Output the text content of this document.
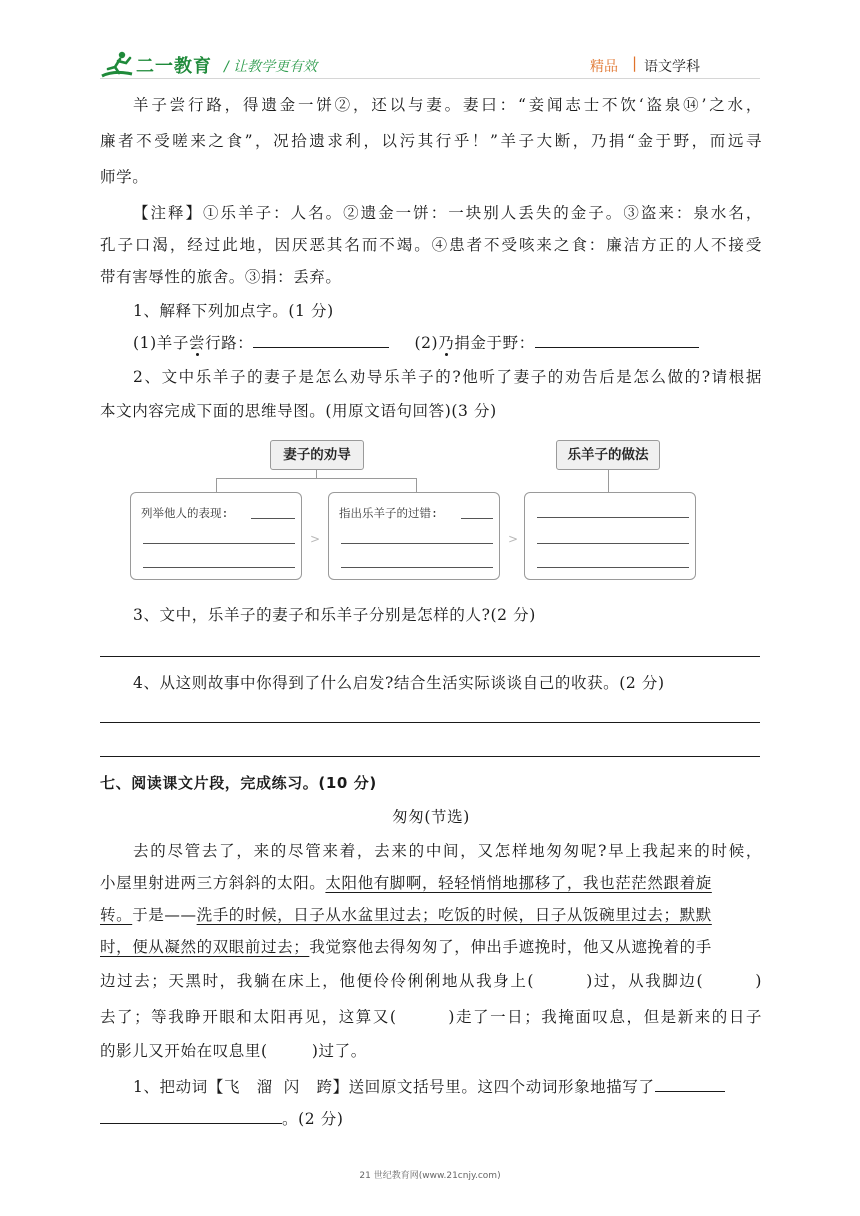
二一教育 / 让教学更有效	精品 | 语文学科
羊子尝行路，得遗金一饼②，还以与妻。妻曰：“妾闻志士不饮‘盗泉⑭’之水，
廉者不受嗟来之食”，况拾遗求利，以污其行乎！”羊子大断，乃捐“金于野，而远寻
师学。
【注释】①乐羊子：人名。②遗金一饼：一块别人丢失的金子。③盗来：泉水名，
孔子口渴，经过此地，因厌恶其名而不竭。④患者不受咳来之食：廉洁方正的人不接受
带有害辱性的旅舍。③捐：丢弃。
1、解释下列加点字。(1 分)
(1)羊子尝行路：	(2)乃捐金于野：
2、文中乐羊子的妻子是怎么劝导乐羊子的?他听了妻子的劝告后是怎么做的?请根据
本文内容完成下面的思维导图。(用原文语句回答)(3 分)
妻子的劝导	乐羊子的做法
列举他人的表现:
>
指出乐羊子的过错:
>
3、文中，乐羊子的妻子和乐羊子分别是怎样的人?(2 分)
4、从这则故事中你得到了什么启发?结合生活实际谈谈自己的收获。(2 分)
七、阅读课文片段，完成练习。(10 分)
匆匆(节选)
去的尽管去了，来的尽管来着，去来的中间，又怎样地匆匆呢?早上我起来的时候，
小屋里射进两三方斜斜的太阳。太阳他有脚啊，轻轻悄悄地挪移了，我也茫茫然跟着旋
转。于是——洗手的时候，日子从水盆里过去；吃饭的时候，日子从饭碗里过去；默默
时，便从凝然的双眼前过去；我觉察他去得匆匆了，伸出手遮挽时，他又从遮挽着的手
边过去；天黑时，我躺在床上，他便伶伶俐俐地从我身上(        )过，从我脚边(        )
去了；等我睁开眼和太阳再见，这算又(        )走了一日；我掩面叹息，但是新来的日子
的影儿又开始在叹息里(        )过了。
1、把动词【飞   溜  闪   跨】送回原文括号里。这四个动词形象地描写了
。(2 分)
21 世纪教育网(www.21cnjy.com)
